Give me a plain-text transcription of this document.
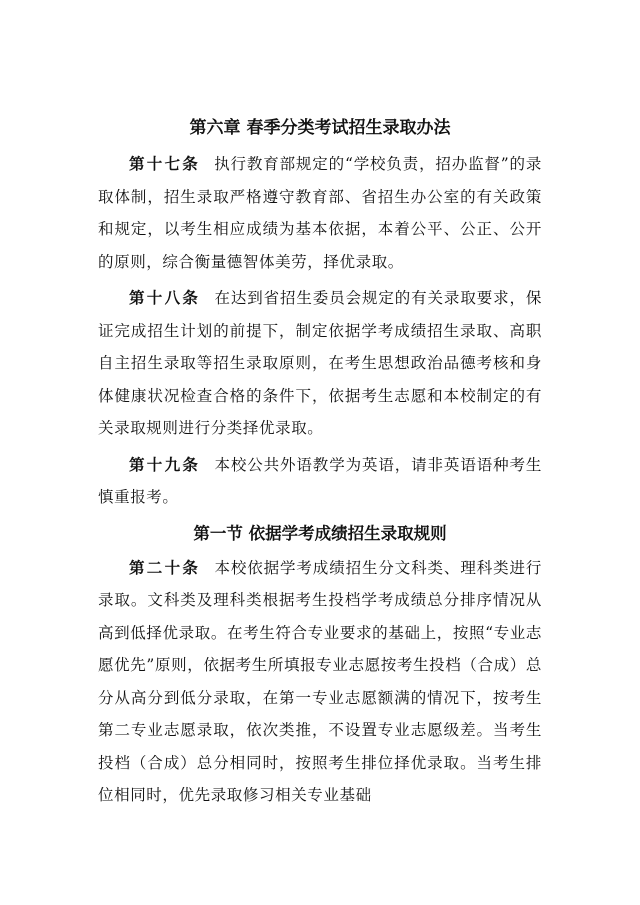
第六章 春季分类考试招生录取办法

第十七条 执行教育部规定的“学校负责，招办监督”的录取体制，招生录取严格遵守教育部、省招生办公室的有关政策和规定，以考生相应成绩为基本依据，本着公平、公正、公开的原则，综合衡量德智体美劳，择优录取。

第十八条 在达到省招生委员会规定的有关录取要求，保证完成招生计划的前提下，制定依据学考成绩招生录取、高职自主招生录取等招生录取原则，在考生思想政治品德考核和身体健康状况检查合格的条件下，依据考生志愿和本校制定的有关录取规则进行分类择优录取。

第十九条 本校公共外语教学为英语，请非英语语种考生慎重报考。

第一节 依据学考成绩招生录取规则

第二十条 本校依据学考成绩招生分文科类、理科类进行录取。文科类及理科类根据考生投档学考成绩总分排序情况从高到低择优录取。在考生符合专业要求的基础上，按照“专业志愿优先”原则，依据考生所填报专业志愿按考生投档（合成）总分从高分到低分录取，在第一专业志愿额满的情况下，按考生第二专业志愿录取，依次类推，不设置专业志愿级差。当考生投档（合成）总分相同时，按照考生排位择优录取。当考生排位相同时，优先录取修习相关专业基础
